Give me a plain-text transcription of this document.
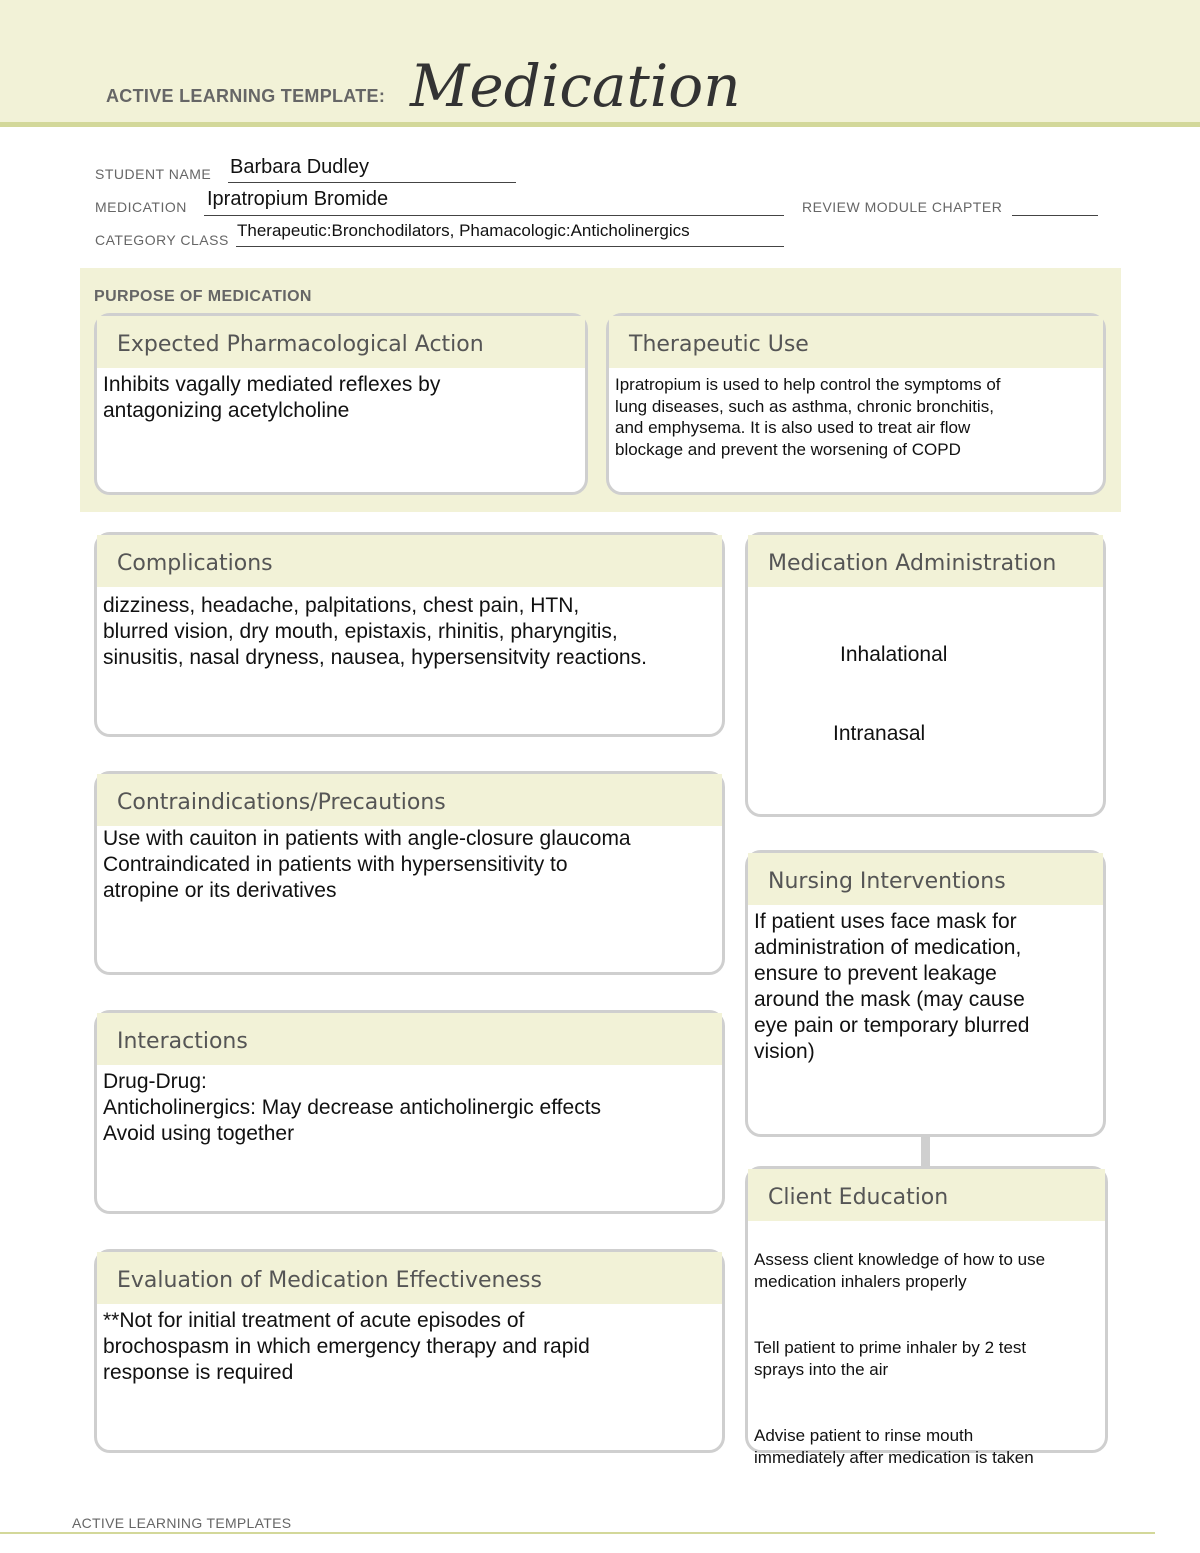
ACTIVE LEARNING TEMPLATE: Medication
STUDENT NAME Barbara Dudley
MEDICATION Ipratropium Bromide	REVIEW MODULE CHAPTER
CATEGORY CLASS Therapeutic:Bronchodilators, Phamacologic:Anticholinergics
PURPOSE OF MEDICATION
Expected Pharmacological Action
Inhibits vagally mediated reflexes by
antagonizing acetylcholine
Therapeutic Use
Ipratropium is used to help control the symptoms of
lung diseases, such as asthma, chronic bronchitis,
and emphysema. It is also used to treat air flow
blockage and prevent the worsening of COPD
Complications
dizziness, headache, palpitations, chest pain, HTN,
blurred vision, dry mouth, epistaxis, rhinitis, pharyngitis,
sinusitis, nasal dryness, nausea, hypersensitvity reactions.
Medication Administration
Inhalational
Intranasal
Contraindications/Precautions
Use with cauiton in patients with angle-closure glaucoma
Contraindicated in patients with hypersensitivity to
atropine or its derivatives	Nursing Interventions
If patient uses face mask for
administration of medication,
ensure to prevent leakage
around the mask (may cause
eye pain or temporary blurred
vision)
Interactions
Drug-Drug:
Anticholinergics: May decrease anticholinergic effects
Avoid using together
Client Education

Assess client knowledge of how to use
medication inhalers properly

Tell patient to prime inhaler by 2 test
sprays into the air

Advise patient to rinse mouth
immediately after medication is taken

Evaluation of Medication Effectiveness
**Not for initial treatment of acute episodes of
brochospasm in which emergency therapy and rapid
response is required
ACTIVE LEARNING TEMPLATES
